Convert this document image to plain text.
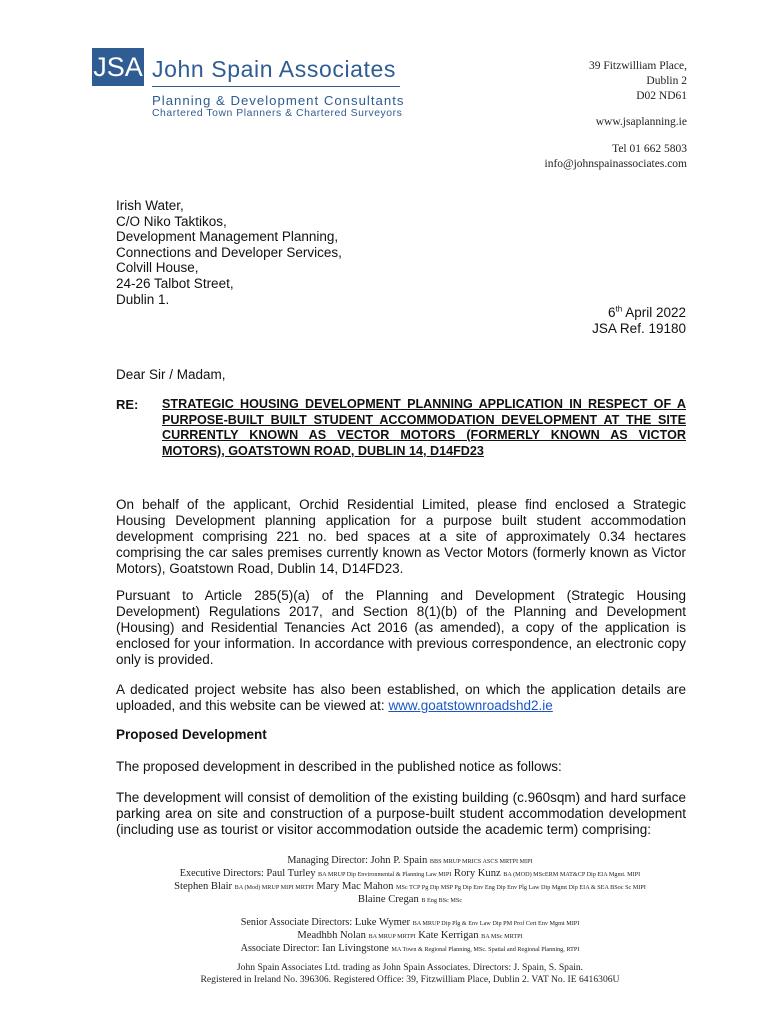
JSA John Spain Associates
Planning & Development Consultants
Chartered Town Planners & Chartered Surveyors
39 Fitzwilliam Place,
Dublin 2
D02 ND61
www.jsaplanning.ie
Tel 01 662 5803
info@johnspainassociates.com
Irish Water,
C/O Niko Taktikos,
Development Management Planning,
Connections and Developer Services,
Colvill House,
24-26 Talbot Street,
Dublin 1.
6th April 2022
JSA Ref. 19180
Dear Sir / Madam,
RE: STRATEGIC HOUSING DEVELOPMENT PLANNING APPLICATION IN RESPECT OF A PURPOSE-BUILT BUILT STUDENT ACCOMMODATION DEVELOPMENT AT THE SITE CURRENTLY KNOWN AS VECTOR MOTORS (FORMERLY KNOWN AS VICTOR MOTORS), GOATSTOWN ROAD, DUBLIN 14, D14FD23
On behalf of the applicant, Orchid Residential Limited, please find enclosed a Strategic Housing Development planning application for a purpose built student accommodation development comprising 221 no. bed spaces at a site of approximately 0.34 hectares comprising the car sales premises currently known as Vector Motors (formerly known as Victor Motors), Goatstown Road, Dublin 14, D14FD23.
Pursuant to Article 285(5)(a) of the Planning and Development (Strategic Housing Development) Regulations 2017, and Section 8(1)(b) of the Planning and Development (Housing) and Residential Tenancies Act 2016 (as amended), a copy of the application is enclosed for your information. In accordance with previous correspondence, an electronic copy only is provided.
A dedicated project website has also been established, on which the application details are uploaded, and this website can be viewed at: www.goatstownroadshd2.ie
Proposed Development
The proposed development in described in the published notice as follows:
The development will consist of demolition of the existing building (c.960sqm) and hard surface parking area on site and construction of a purpose-built student accommodation development (including use as tourist or visitor accommodation outside the academic term) comprising:
Managing Director: John P. Spain BBS MRUP MRICS ASCS MRTPI MIPI
Executive Directors: Paul Turley BA MRUP Dip Environmental & Planning Law MIPI Rory Kunz BA (MOD) MScERM MAT&CP Dip EIA Mgmt. MIPI
Stephen Blair BA (Mod) MRUP MIPI MRTPI Mary Mac Mahon MSc TCP Pg Dip MSP Pg Dip Env Eng Dip Env Plg Law Dip Mgmt Dip EIA & SEA BSoc Sc MIPI
Blaine Cregan B Eng BSc MSc
Senior Associate Directors: Luke Wymer BA MRUP Dip Plg & Env Law Dip PM Prof Cert Env Mgmt MIPI
Meadhbh Nolan BA MRUP MRTPI Kate Kerrigan BA MSc MRTPI
Associate Director: Ian Livingstone MA Town & Regional Planning, MSc. Spatial and Regional Planning, RTPI
John Spain Associates Ltd. trading as John Spain Associates. Directors: J. Spain, S. Spain.
Registered in Ireland No. 396306. Registered Office: 39, Fitzwilliam Place, Dublin 2. VAT No. IE 6416306U
